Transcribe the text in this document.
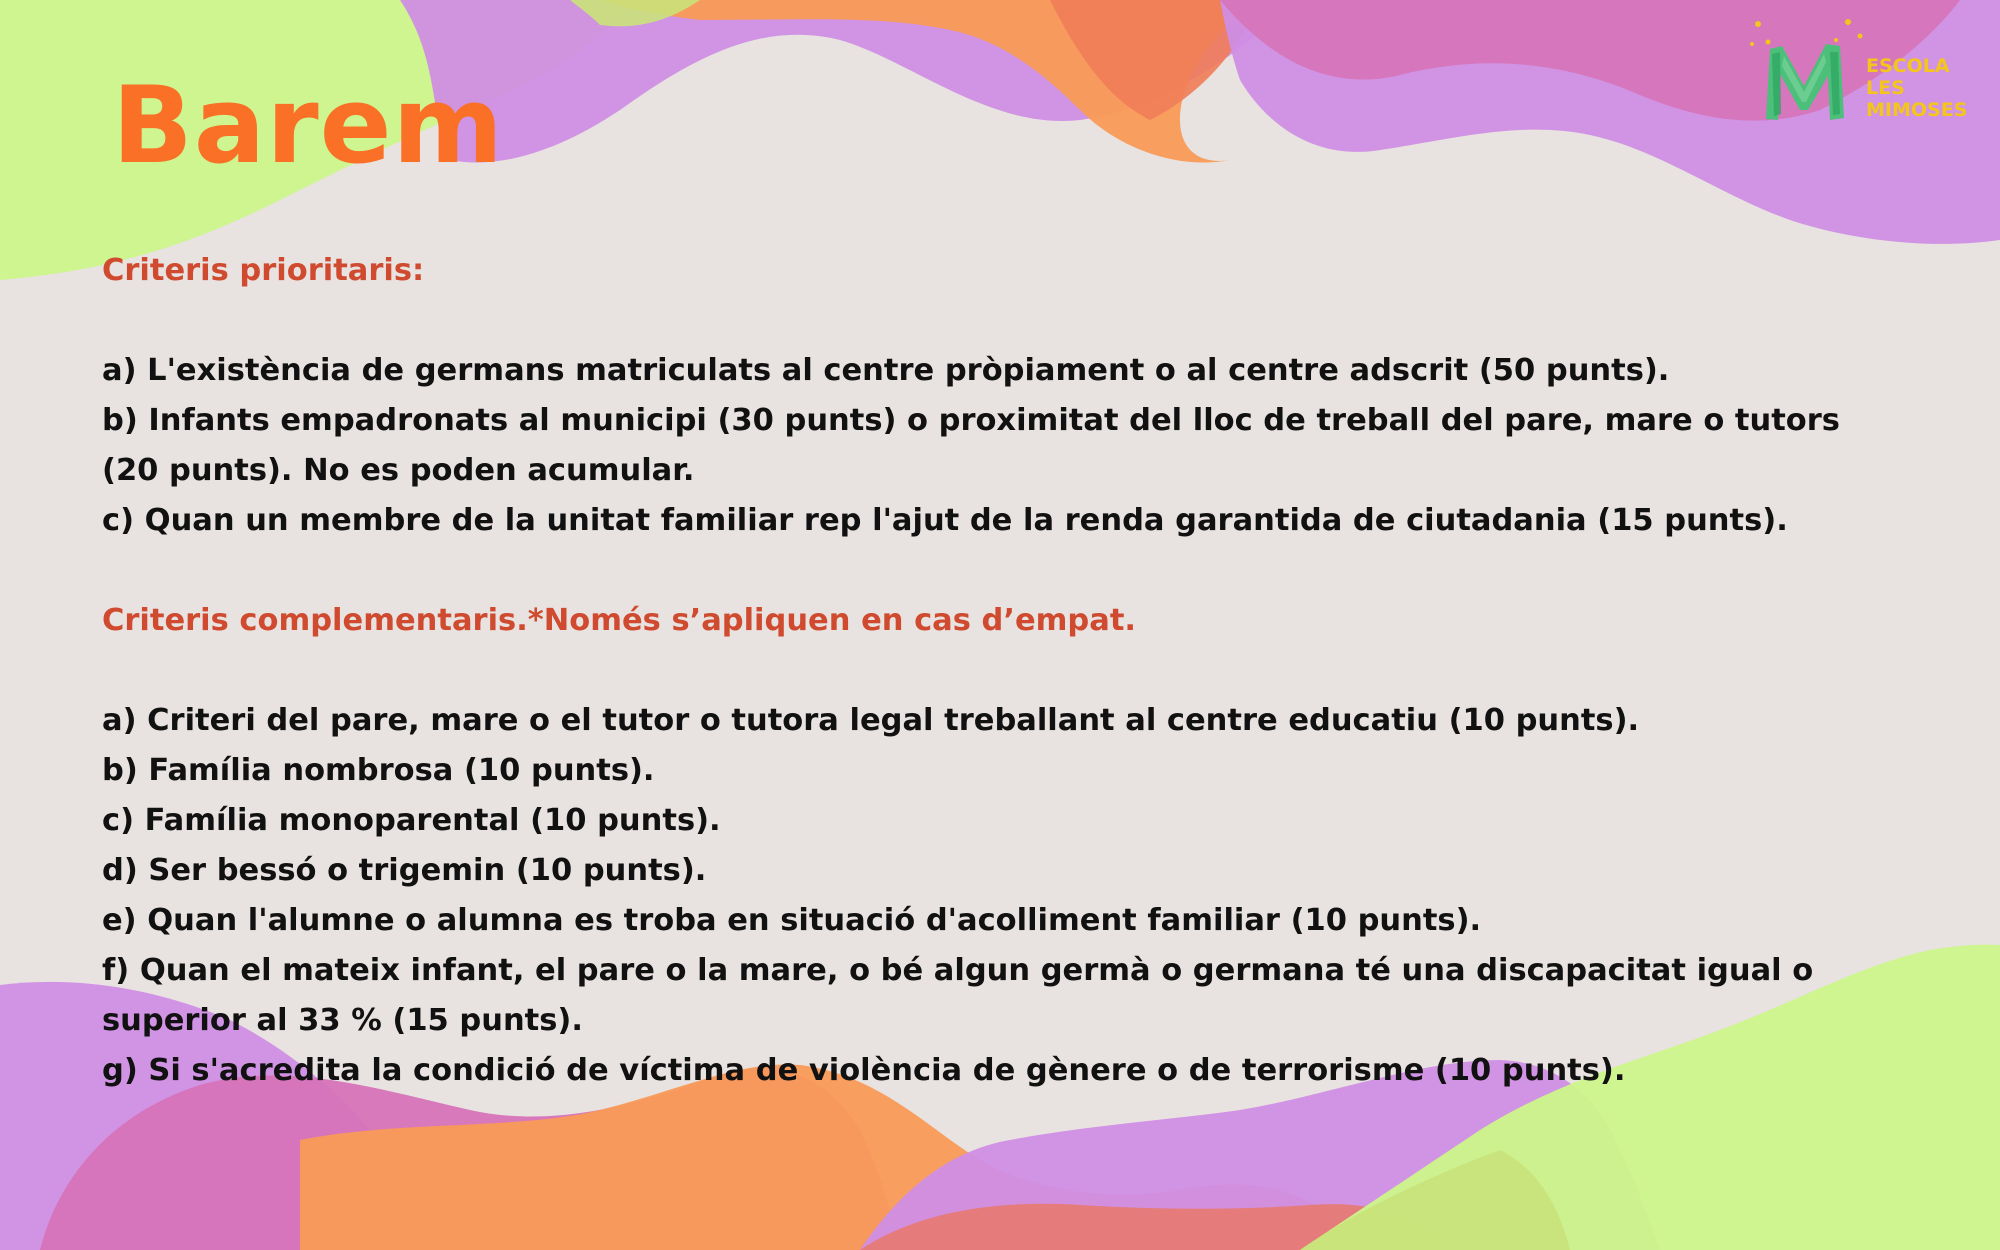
Barem	ESCOLA
LES
MIMOSES

Criteris prioritaris:

a) L'existència de germans matriculats al centre pròpiament o al centre adscrit (50 punts).

b) Infants empadronats al municipi (30 punts) o proximitat del lloc de treball del pare, mare o tutors (20 punts). No es poden acumular.

c) Quan un membre de la unitat familiar rep l'ajut de la renda garantida de ciutadania (15 punts).

Criteris complementaris.*Només s’apliquen en cas d’empat.

a) Criteri del pare, mare o el tutor o tutora legal treballant al centre educatiu (10 punts).

b) Família nombrosa (10 punts).

c) Família monoparental (10 punts).

d) Ser bessó o trigemin (10 punts).

e) Quan l'alumne o alumna es troba en situació d'acolliment familiar (10 punts).

f) Quan el mateix infant, el pare o la mare, o bé algun germà o germana té una discapacitat igual o superior al 33 % (15 punts).

g) Si s'acredita la condició de víctima de violència de gènere o de terrorisme (10 punts).
